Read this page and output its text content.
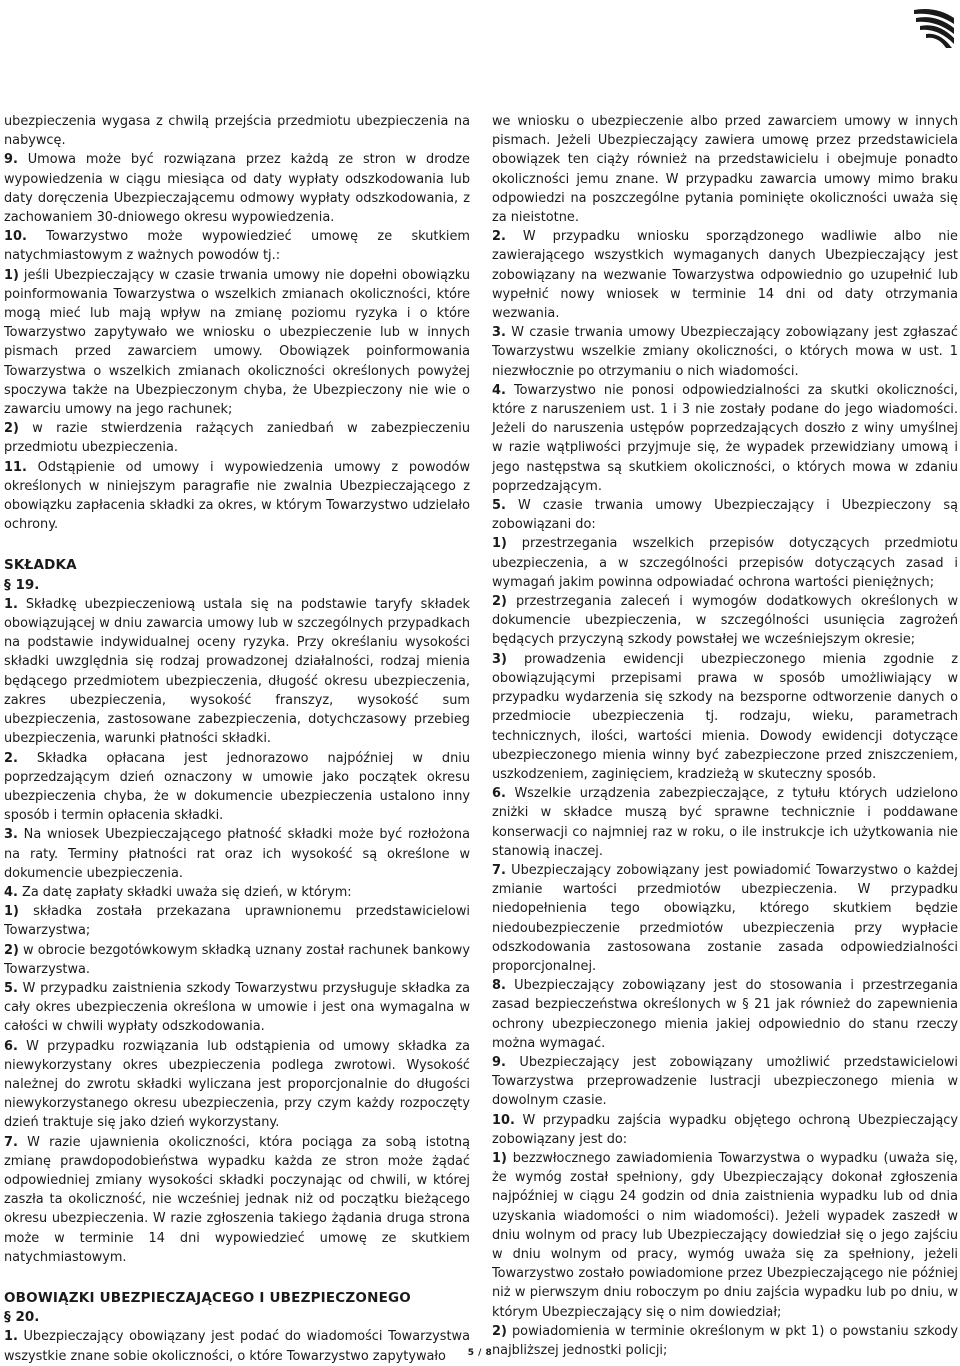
ubezpieczenia wygasa z chwilą przejścia przedmiotu ubezpieczenia na nabywcę.

9. Umowa może być rozwiązana przez każdą ze stron w drodze wypowiedzenia w ciągu miesiąca od daty wypłaty odszkodowania lub daty doręczenia Ubezpieczającemu odmowy wypłaty odszkodowania, z zachowaniem 30-dniowego okresu wypowiedzenia.

10. Towarzystwo może wypowiedzieć umowę ze skutkiem natychmiastowym z ważnych powodów tj.:

1) jeśli Ubezpieczający w czasie trwania umowy nie dopełni obowiązku poinformowania Towarzystwa o wszelkich zmianach okoliczności, które mogą mieć lub mają wpływ na zmianę poziomu ryzyka i o które Towarzystwo zapytywało we wniosku o ubezpieczenie lub w innych pismach przed zawarciem umowy. Obowiązek poinformowania Towarzystwa o wszelkich zmianach okoliczności określonych powyżej spoczywa także na Ubezpieczonym chyba, że Ubezpieczony nie wie o zawarciu umowy na jego rachunek;

2) w razie stwierdzenia rażących zaniedbań w zabezpieczeniu przedmiotu ubezpieczenia.

11. Odstąpienie od umowy i wypowiedzenia umowy z powodów określonych w niniejszym paragrafie nie zwalnia Ubezpieczającego z obowiązku zapłacenia składki za okres, w którym Towarzystwo udzielało ochrony.

SKŁADKA

§ 19.

1. Składkę ubezpieczeniową ustala się na podstawie taryfy składek obowiązującej w dniu zawarcia umowy lub w szczególnych przypadkach na podstawie indywidualnej oceny ryzyka. Przy określaniu wysokości składki uwzględnia się rodzaj prowadzonej działalności, rodzaj mienia będącego przedmiotem ubezpieczenia, długość okresu ubezpieczenia, zakres ubezpieczenia, wysokość franszyz, wysokość sum ubezpieczenia, zastosowane zabezpieczenia, dotychczasowy przebieg ubezpieczenia, warunki płatności składki.

2. Składka opłacana jest jednorazowo najpóźniej w dniu poprzedzającym dzień oznaczony w umowie jako początek okresu ubezpieczenia chyba, że w dokumencie ubezpieczenia ustalono inny sposób i termin opłacenia składki.

3. Na wniosek Ubezpieczającego płatność składki może być rozłożona na raty. Terminy płatności rat oraz ich wysokość są określone w dokumencie ubezpieczenia.

4. Za datę zapłaty składki uważa się dzień, w którym:

1) składka została przekazana uprawnionemu przedstawicielowi Towarzystwa;

2) w obrocie bezgotówkowym składką uznany został rachunek bankowy Towarzystwa.

5. W przypadku zaistnienia szkody Towarzystwu przysługuje składka za cały okres ubezpieczenia określona w umowie i jest ona wymagalna w całości w chwili wypłaty odszkodowania.

6. W przypadku rozwiązania lub odstąpienia od umowy składka za niewykorzystany okres ubezpieczenia podlega zwrotowi. Wysokość należnej do zwrotu składki wyliczana jest proporcjonalnie do długości niewykorzystanego okresu ubezpieczenia, przy czym każdy rozpoczęty dzień traktuje się jako dzień wykorzystany.

7. W razie ujawnienia okoliczności, która pociąga za sobą istotną zmianę prawdopodobieństwa wypadku każda ze stron może żądać odpowiedniej zmiany wysokości składki poczynając od chwili, w której zaszła ta okoliczność, nie wcześniej jednak niż od początku bieżącego okresu ubezpieczenia. W razie zgłoszenia takiego żądania druga strona może w terminie 14 dni wypowiedzieć umowę ze skutkiem natychmiastowym.

OBOWIĄZKI UBEZPIECZAJĄCEGO I UBEZPIECZONEGO

§ 20.

1. Ubezpieczający obowiązany jest podać do wiadomości Towarzystwa wszystkie znane sobie okoliczności, o które Towarzystwo zapytywało

we wniosku o ubezpieczenie albo przed zawarciem umowy w innych pismach. Jeżeli Ubezpieczający zawiera umowę przez przedstawiciela obowiązek ten ciąży również na przedstawicielu i obejmuje ponadto okoliczności jemu znane. W przypadku zawarcia umowy mimo braku odpowiedzi na poszczególne pytania pominięte okoliczności uważa się za nieistotne.

2. W przypadku wniosku sporządzonego wadliwie albo nie zawierającego wszystkich wymaganych danych Ubezpieczający jest zobowiązany na wezwanie Towarzystwa odpowiednio go uzupełnić lub wypełnić nowy wniosek w terminie 14 dni od daty otrzymania wezwania.

3. W czasie trwania umowy Ubezpieczający zobowiązany jest zgłaszać Towarzystwu wszelkie zmiany okoliczności, o których mowa w ust. 1 niezwłocznie po otrzymaniu o nich wiadomości.

4. Towarzystwo nie ponosi odpowiedzialności za skutki okoliczności, które z naruszeniem ust. 1 i 3 nie zostały podane do jego wiadomości. Jeżeli do naruszenia ustępów poprzedzających doszło z winy umyślnej w razie wątpliwości przyjmuje się, że wypadek przewidziany umową i jego następstwa są skutkiem okoliczności, o których mowa w zdaniu poprzedzającym.

5. W czasie trwania umowy Ubezpieczający i Ubezpieczony są zobowiązani do:

1) przestrzegania wszelkich przepisów dotyczących przedmiotu ubezpieczenia, a w szczególności przepisów dotyczących zasad i wymagań jakim powinna odpowiadać ochrona wartości pieniężnych;

2) przestrzegania zaleceń i wymogów dodatkowych określonych w dokumencie ubezpieczenia, w szczególności usunięcia zagrożeń będących przyczyną szkody powstałej we wcześniejszym okresie;

3) prowadzenia ewidencji ubezpieczonego mienia zgodnie z obowiązującymi przepisami prawa w sposób umożliwiający w przypadku wydarzenia się szkody na bezsporne odtworzenie danych o przedmiocie ubezpieczenia tj. rodzaju, wieku, parametrach technicznych, ilości, wartości mienia. Dowody ewidencji dotyczące ubezpieczonego mienia winny być zabezpieczone przed zniszczeniem, uszkodzeniem, zaginięciem, kradzieżą w skuteczny sposób.

6. Wszelkie urządzenia zabezpieczające, z tytułu których udzielono zniżki w składce muszą być sprawne technicznie i poddawane konserwacji co najmniej raz w roku, o ile instrukcje ich użytkowania nie stanowią inaczej.

7. Ubezpieczający zobowiązany jest powiadomić Towarzystwo o każdej zmianie wartości przedmiotów ubezpieczenia. W przypadku niedopełnienia tego obowiązku, którego skutkiem będzie niedoubezpieczenie przedmiotów ubezpieczenia przy wypłacie odszkodowania zastosowana zostanie zasada odpowiedzialności proporcjonalnej.

8. Ubezpieczający zobowiązany jest do stosowania i przestrzegania zasad bezpieczeństwa określonych w § 21 jak również do zapewnienia ochrony ubezpieczonego mienia jakiej odpowiednio do stanu rzeczy można wymagać.

9. Ubezpieczający jest zobowiązany umożliwić przedstawicielowi Towarzystwa przeprowadzenie lustracji ubezpieczonego mienia w dowolnym czasie.

10. W przypadku zajścia wypadku objętego ochroną Ubezpieczający zobowiązany jest do:

1) bezzwłocznego zawiadomienia Towarzystwa o wypadku (uważa się, że wymóg został spełniony, gdy Ubezpieczający dokonał zgłoszenia najpóźniej w ciągu 24 godzin od dnia zaistnienia wypadku lub od dnia uzyskania wiadomości o nim wiadomości). Jeżeli wypadek zaszedł w dniu wolnym od pracy lub Ubezpieczający dowiedział się o jego zajściu w dniu wolnym od pracy, wymóg uważa się za spełniony, jeżeli Towarzystwo zostało powiadomione przez Ubezpieczającego nie później niż w pierwszym dniu roboczym po dniu zajścia wypadku lub po dniu, w którym Ubezpieczający się o nim dowiedział;

2) powiadomienia w terminie określonym w pkt 1) o powstaniu szkody najbliższej jednostki policji;

5 / 8
